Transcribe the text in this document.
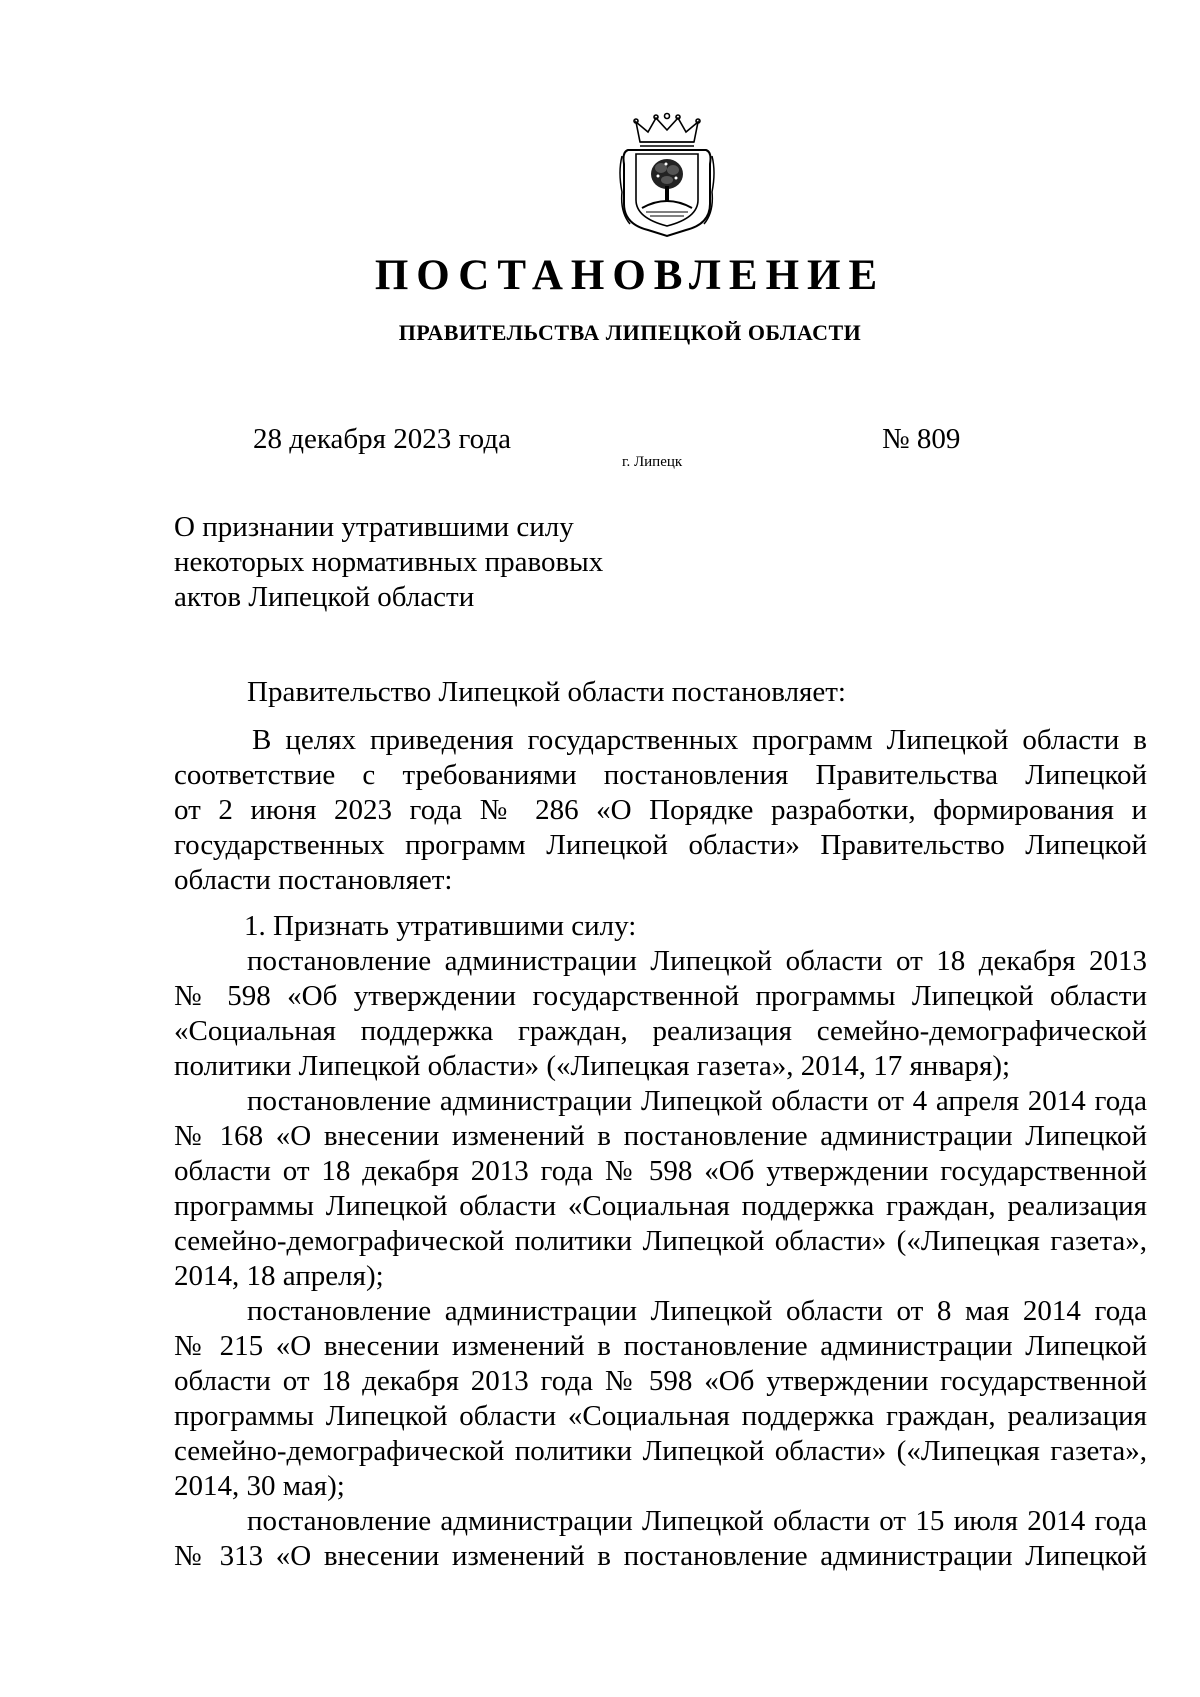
ПОСТАНОВЛЕНИЕ
ПРАВИТЕЛЬСТВА ЛИПЕЦКОЙ ОБЛАСТИ
28 декабря 2023 года
г. Липецк
№ 809
О признании утратившими силу
некоторых нормативных правовых
актов Липецкой области
Правительство Липецкой области постановляет:
В целях приведения государственных программ Липецкой области в
соответствие с требованиями постановления Правительства Липецкой
от 2 июня 2023 года № 286 «О Порядке разработки, формирования и
государственных программ Липецкой области» Правительство Липецкой
области постановляет:
1. Признать утратившими силу:
постановление администрации Липецкой области от 18 декабря 2013
№ 598 «Об утверждении государственной программы Липецкой области
«Социальная поддержка граждан, реализация семейно-демографической
политики Липецкой области» («Липецкая газета», 2014, 17 января);
постановление администрации Липецкой области от 4 апреля 2014 года
№ 168 «О внесении изменений в постановление администрации Липецкой
области от 18 декабря 2013 года № 598 «Об утверждении государственной
программы Липецкой области «Социальная поддержка граждан, реализация
семейно-демографической политики Липецкой области» («Липецкая газета»,
2014, 18 апреля);
постановление администрации Липецкой области от 8 мая 2014 года
№ 215 «О внесении изменений в постановление администрации Липецкой
области от 18 декабря 2013 года № 598 «Об утверждении государственной
программы Липецкой области «Социальная поддержка граждан, реализация
семейно-демографической политики Липецкой области» («Липецкая газета»,
2014, 30 мая);
постановление администрации Липецкой области от 15 июля 2014 года
№ 313 «О внесении изменений в постановление администрации Липецкой
